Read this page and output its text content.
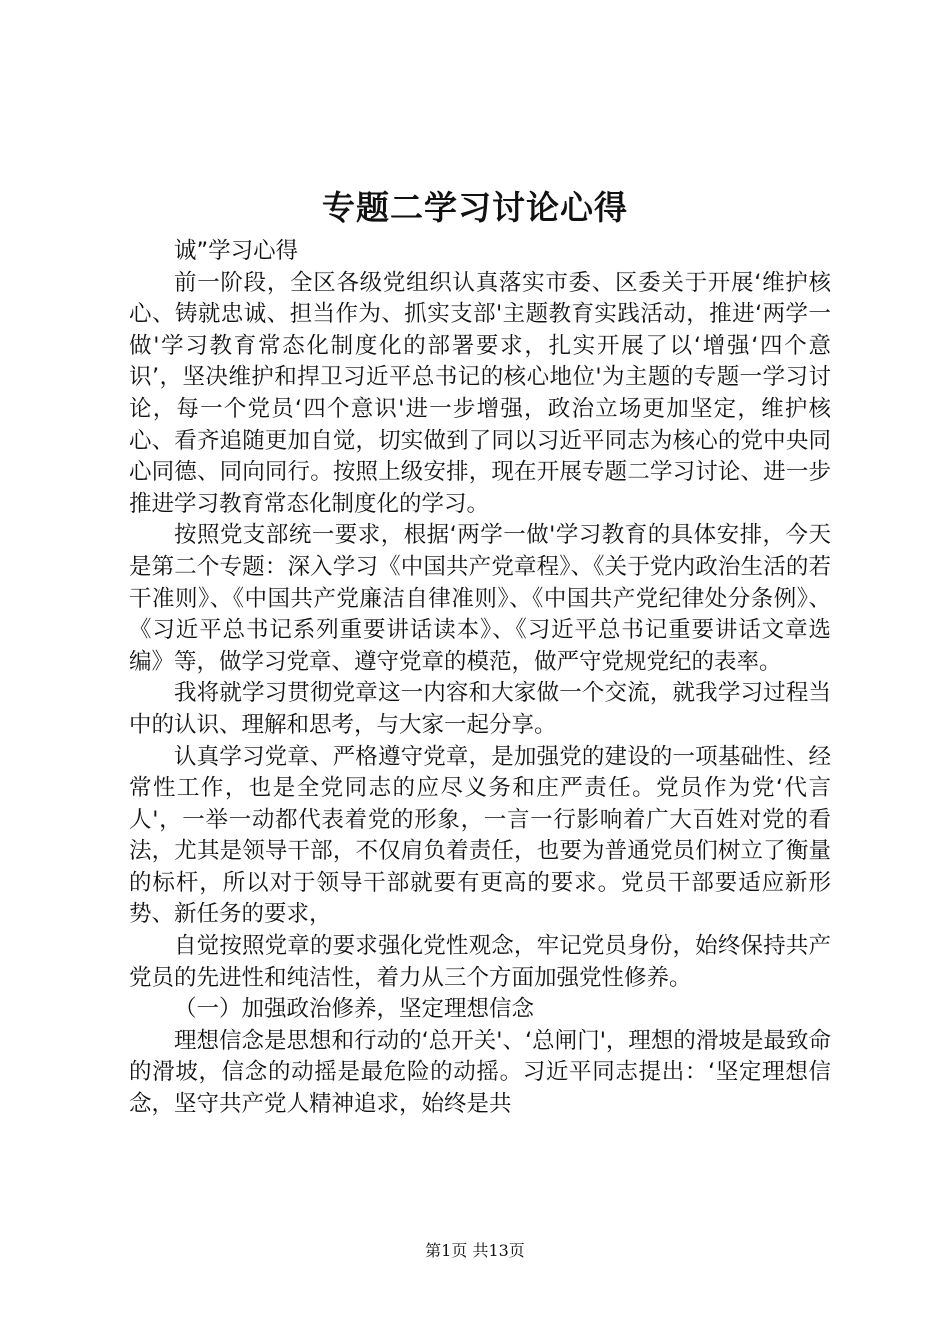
专题二学习讨论心得

诚”学习心得

前一阶段，全区各级党组织认真落实市委、区委关于开展‘维护核心、铸就忠诚、担当作为、抓实支部'主题教育实践活动，推进‘两学一做'学习教育常态化制度化的部署要求，扎实开展了以‘增强‘四个意识’，坚决维护和捍卫习近平总书记的核心地位'为主题的专题一学习讨论，每一个党员‘四个意识'进一步增强，政治立场更加坚定，维护核心、看齐追随更加自觉，切实做到了同以习近平同志为核心的党中央同心同德、同向同行。按照上级安排，现在开展专题二学习讨论、进一步推进学习教育常态化制度化的学习。

按照党支部统一要求，根据‘两学一做'学习教育的具体安排，今天是第二个专题：深入学习《中国共产党章程》、《关于党内政治生活的若干准则》、《中国共产党廉洁自律准则》、《中国共产党纪律处分条例》、《习近平总书记系列重要讲话读本》、《习近平总书记重要讲话文章选编》等，做学习党章、遵守党章的模范，做严守党规党纪的表率。

我将就学习贯彻党章这一内容和大家做一个交流，就我学习过程当中的认识、理解和思考，与大家一起分享。

认真学习党章、严格遵守党章，是加强党的建设的一项基础性、经常性工作，也是全党同志的应尽义务和庄严责任。党员作为党‘代言人'，一举一动都代表着党的形象，一言一行影响着广大百姓对党的看法，尤其是领导干部，不仅肩负着责任，也要为普通党员们树立了衡量的标杆，所以对于领导干部就要有更高的要求。党员干部要适应新形势、新任务的要求，

自觉按照党章的要求强化党性观念，牢记党员身份，始终保持共产党员的先进性和纯洁性，着力从三个方面加强党性修养。

（一）加强政治修养，坚定理想信念

理想信念是思想和行动的‘总开关'、‘总闸门'，理想的滑坡是最致命的滑坡，信念的动摇是最危险的动摇。习近平同志提出：‘坚定理想信念，坚守共产党人精神追求，始终是共

第1页 共13页
